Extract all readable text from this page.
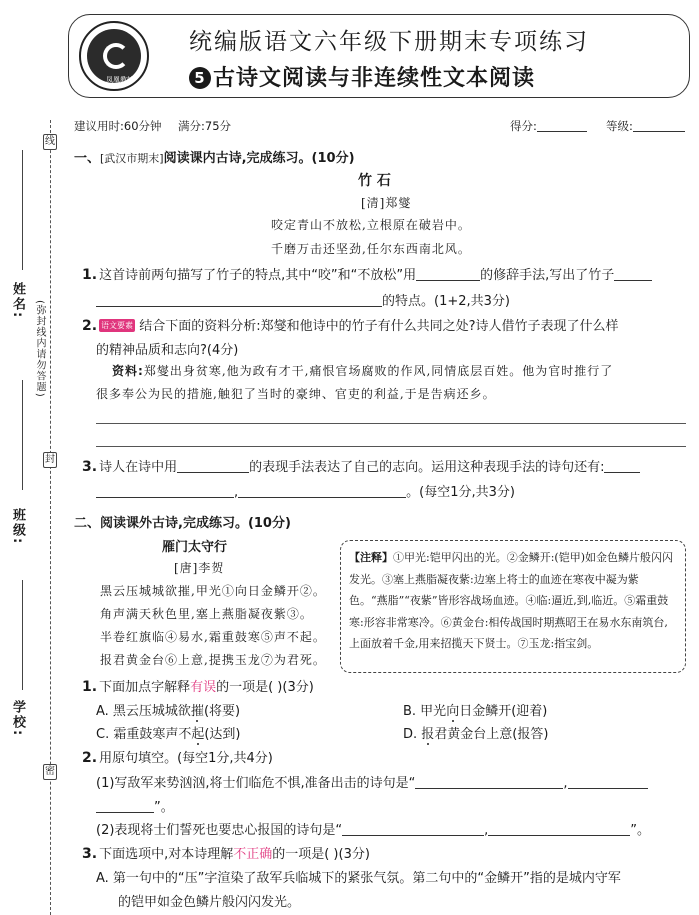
线
封
密
姓名: (弥封线内请勿答题)
班级:
学校:
凤凰教辅
统编版语文六年级下册期末专项练习
5 古诗文阅读与非连续性文本阅读
建议用时:60分钟 满分:75分	得分:	等级:
一、[武汉市期末]阅读课内古诗,完成练习。(10分)
竹 石
[清]郑燮
咬定青山不放松,立根原在破岩中。
千磨万击还坚劲,任尔东西南北风。
1. 这首诗前两句描写了竹子的特点,其中“咬”和“不放松”用	的修辞手法,写出了竹子
的特点。(1+2,共3分)
2. 语文要素 结合下面的资料分析:郑燮和他诗中的竹子有什么共同之处?诗人借竹子表现了什么样
的精神品质和志向?(4分)
资料:郑燮出身贫寒,他为政有才干,痛恨官场腐败的作风,同情底层百姓。他为官时推行了
很多奉公为民的措施,触犯了当时的豪绅、官吏的利益,于是告病还乡。
3. 诗人在诗中用	的表现手法表达了自己的志向。运用这种表现手法的诗句还有:
,	。(每空1分,共3分)
二、阅读课外古诗,完成练习。(10分)
雁门太守行
[唐]李贺
黑云压城城欲摧,甲光①向日金鳞开②。
角声满天秋色里,塞上燕脂凝夜紫③。
半卷红旗临④易水,霜重鼓寒⑤声不起。
报君黄金台⑥上意,提携玉龙⑦为君死。
【注释】①甲光:铠甲闪出的光。②金鳞开:(铠甲)如金色鳞片般闪闪发光。③塞上燕脂凝夜紫:边塞上将士的血迹在寒夜中凝为紫色。“燕脂”“夜紫”皆形容战场血迹。④临:逼近,到,临近。⑤霜重鼓寒:形容非常寒冷。⑥黄金台:相传战国时期燕昭王在易水东南筑台,上面放着千金,用来招揽天下贤士。⑦玉龙:指宝剑。
1. 下面加点字解释有误的一项是( )(3分)
A. 黑云压城城欲摧(将要)	B. 甲光向日金鳞开(迎着)
C. 霜重鼓寒声不起(达到)	D. 报君黄金台上意(报答)
2. 用原句填空。(每空1分,共4分)
(1)写敌军来势汹汹,将士们临危不惧,准备出击的诗句是“	,
”。
(2)表现将士们誓死也要忠心报国的诗句是“	,	”。
3. 下面选项中,对本诗理解不正确的一项是( )(3分)
A. 第一句中的“压”字渲染了敌军兵临城下的紧张气氛。第二句中的“金鳞开”指的是城内守军
的铠甲如金色鳞片般闪闪发光。
